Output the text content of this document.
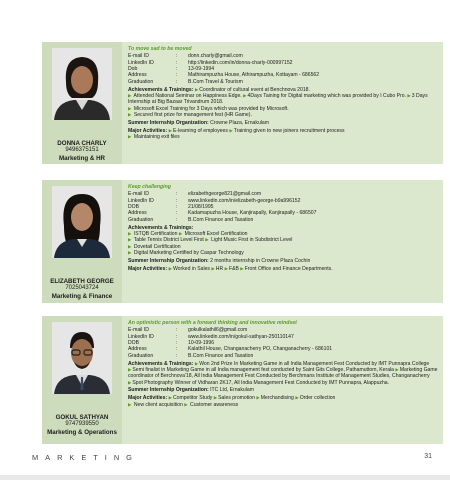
DONNA CHARLY
9496375151
Marketing & HR
To move sad to be moved
E-mail ID	:	donn.charly@gmail.com
LinkedIn ID	:	http://linkedin.com/in/donna-charly-000997152
Dob	:	13-09-1994
Address	:	Mathirampuzha House, Athirampuzha, Kottayam - 686562
Graduation	:	B.Com Travel & Tourism
Achievements & Trainings: ▶Coordinator of cultural event at Benchnova 2018.
▶ Attended National Seminar on Happiness Edge. ▶4Days Taining for Digital marketing which was provided by I Cubo Pro. ▶3 Days Internship at Big Bazaar Trivandrum 2018.
▶ Microsoft Excel Training for 3 Days which was provided by Microsoft.
▶ Secured first prize for management fest (HR Game).
Summer Internship Organization: Crowne Plaza, Ernakulam
Major Activities: ▶E-learning of employees ▶Training given to new joiners recruitment process
▶ Maintaining exit files
ELIZABETH GEORGE
7025043724
Marketing & Finance
Keep challenging
E-mail ID	:	elizabethgeorge821@gmail.com
LinkedIn ID	:	www.linkedin.com/in/elizabeth-george-b9a996152
DOB	:	21/08/1995
Address	:	Kadamapuzha House, Kanjirapally, Kanjirapally - 686507
Graduation	:	B.Com Finance and Taxation
Achievements & Trainings:
▶ ISTQB Certification ▶ Microsoft Excel Certification
▶ Table Tennis District Level First ▶ Light Music First in Subdistrict Level
▶ Dovetail Certification
▶ Digital Marketing Certified by Caspar Technology
Summer Internship Organization: 2 months internship in Crowne Plaza Cochin
Major Activities: ▶Worked in Sales ▶HR ▶F&B ▶Front Office and Finance Departments.
GOKUL SATHYAN
9747939550
Marketing & Operations
An optimistic person with a forward thinking and innovative mindset
E-mail ID	:	gokulkalathil6@gmail.com
LinkedIn ID	:	www.linkedin.com/in/gokul-sathyan-250110147
DOB	:	10-09-1996
Address	:	Kalathil House, Changanacherry PO, Changanacherry - 686101
Graduation	:	B.Com Finance and Taxation
Achievements & Trainings: ▶Won 2nd Prize In Marketing Game in all India Management Fest Conducted by IMT Punnapra College ▶Semi finalist in Marketing Game in all India management fest conducted by Saint Gits College, Pathamuttom, Kerala ▶Marketing Game coordinator of Berchnova'18, All India Management Fest Conducted by Berchmans Institute of Management Studies, Changanacherry ▶Spot Photography Winner of Vidharan 2K17, All India Management Fest Conducted by IMT Punnapra, Alappuzha.
Summer Internship Organization: ITC Ltd, Ernakulam
Major Activities: ▶Competitor Study ▶Sales promotion ▶Merchandising ▶Order collection
▶ New client acquisition ▶ Customer awareness
MARKETING	31
